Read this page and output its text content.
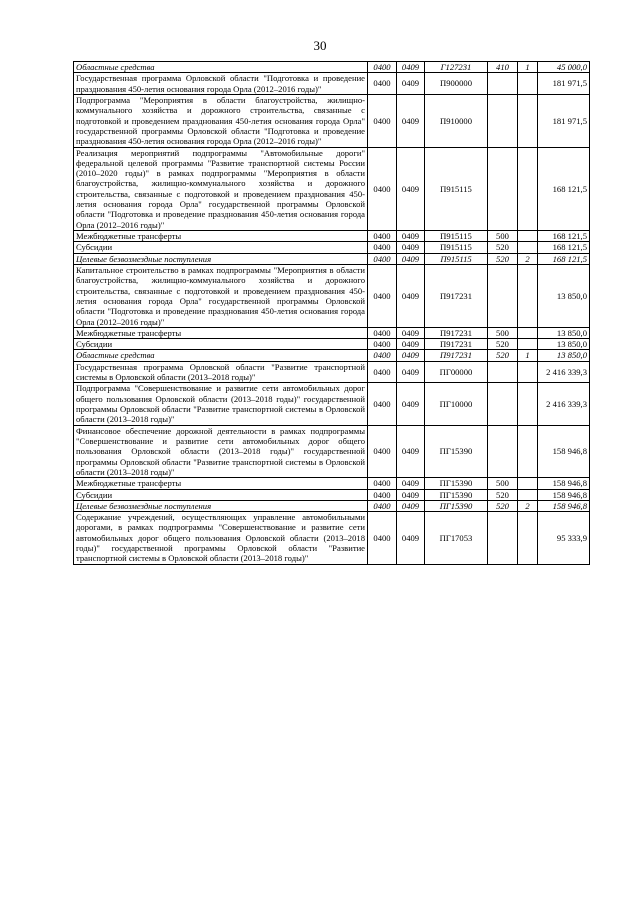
30
Областные средства	0400	0409	Г127231	410	1	45 000,0
Государственная программа Орловской области "Подготовка и проведение празднования 450-летия основания города Орла (2012–2016 годы)"	0400	0409	П900000			181 971,5
Подпрограмма "Мероприятия в области благоустройства, жилищно-коммунального хозяйства и дорожного строительства, связанные с подготовкой и проведением празднования 450-летия основания города Орла" государственной программы Орловской области "Подготовка и проведение празднования 450-летия основания города Орла (2012–2016 годы)"	0400	0409	П910000			181 971,5
Реализация мероприятий подпрограммы "Автомобильные дороги" федеральной целевой программы "Развитие транспортной системы России (2010–2020 годы)" в рамках подпрограммы "Мероприятия в области благоустройства, жилищно-коммунального хозяйства и дорожного строительства, связанные с подготовкой и проведением празднования 450-летия основания города Орла" государственной программы Орловской области "Подготовка и проведение празднования 450-летия основания города Орла (2012–2016 годы)"	0400	0409	П915115			168 121,5
Межбюджетные трансферты	0400	0409	П915115	500		168 121,5
Субсидии	0400	0409	П915115	520		168 121,5
Целевые безвозмездные поступления	0400	0409	П915115	520	2	168 121,5
Капитальное строительство в рамках подпрограммы "Мероприятия в области благоустройства, жилищно-коммунального хозяйства и дорожного строительства, связанные с подготовкой и проведением празднования 450-летия основания города Орла" государственной программы Орловской области "Подготовка и проведение празднования 450-летия основания города Орла (2012–2016 годы)"	0400	0409	П917231			13 850,0
Межбюджетные трансферты	0400	0409	П917231	500		13 850,0
Субсидии	0400	0409	П917231	520		13 850,0
Областные средства	0400	0409	П917231	520	1	13 850,0
Государственная программа Орловской области "Развитие транспортной системы в Орловской области (2013–2018 годы)"	0400	0409	ПГ00000			2 416 339,3
Подпрограмма "Совершенствование и развитие сети автомобильных дорог общего пользования Орловской области (2013–2018 годы)" государственной программы Орловской области "Развитие транспортной системы в Орловской области (2013–2018 годы)"	0400	0409	ПГ10000			2 416 339,3
Финансовое обеспечение дорожной деятельности в рамках подпрограммы "Совершенствование и развитие сети автомобильных дорог общего пользования Орловской области (2013–2018 годы)" государственной программы Орловской области "Развитие транспортной системы в Орловской области (2013–2018 годы)"	0400	0409	ПГ15390			158 946,8
Межбюджетные трансферты	0400	0409	ПГ15390	500		158 946,8
Субсидии	0400	0409	ПГ15390	520		158 946,8
Целевые безвозмездные поступления	0400	0409	ПГ15390	520	2	158 946,8
Содержание учреждений, осуществляющих управление автомобильными дорогами, в рамках подпрограммы "Совершенствование и развитие сети автомобильных дорог общего пользования Орловской области (2013–2018 годы)" государственной программы Орловской области "Развитие транспортной системы в Орловской области (2013–2018 годы)"	0400	0409	ПГ17053			95 333,9
